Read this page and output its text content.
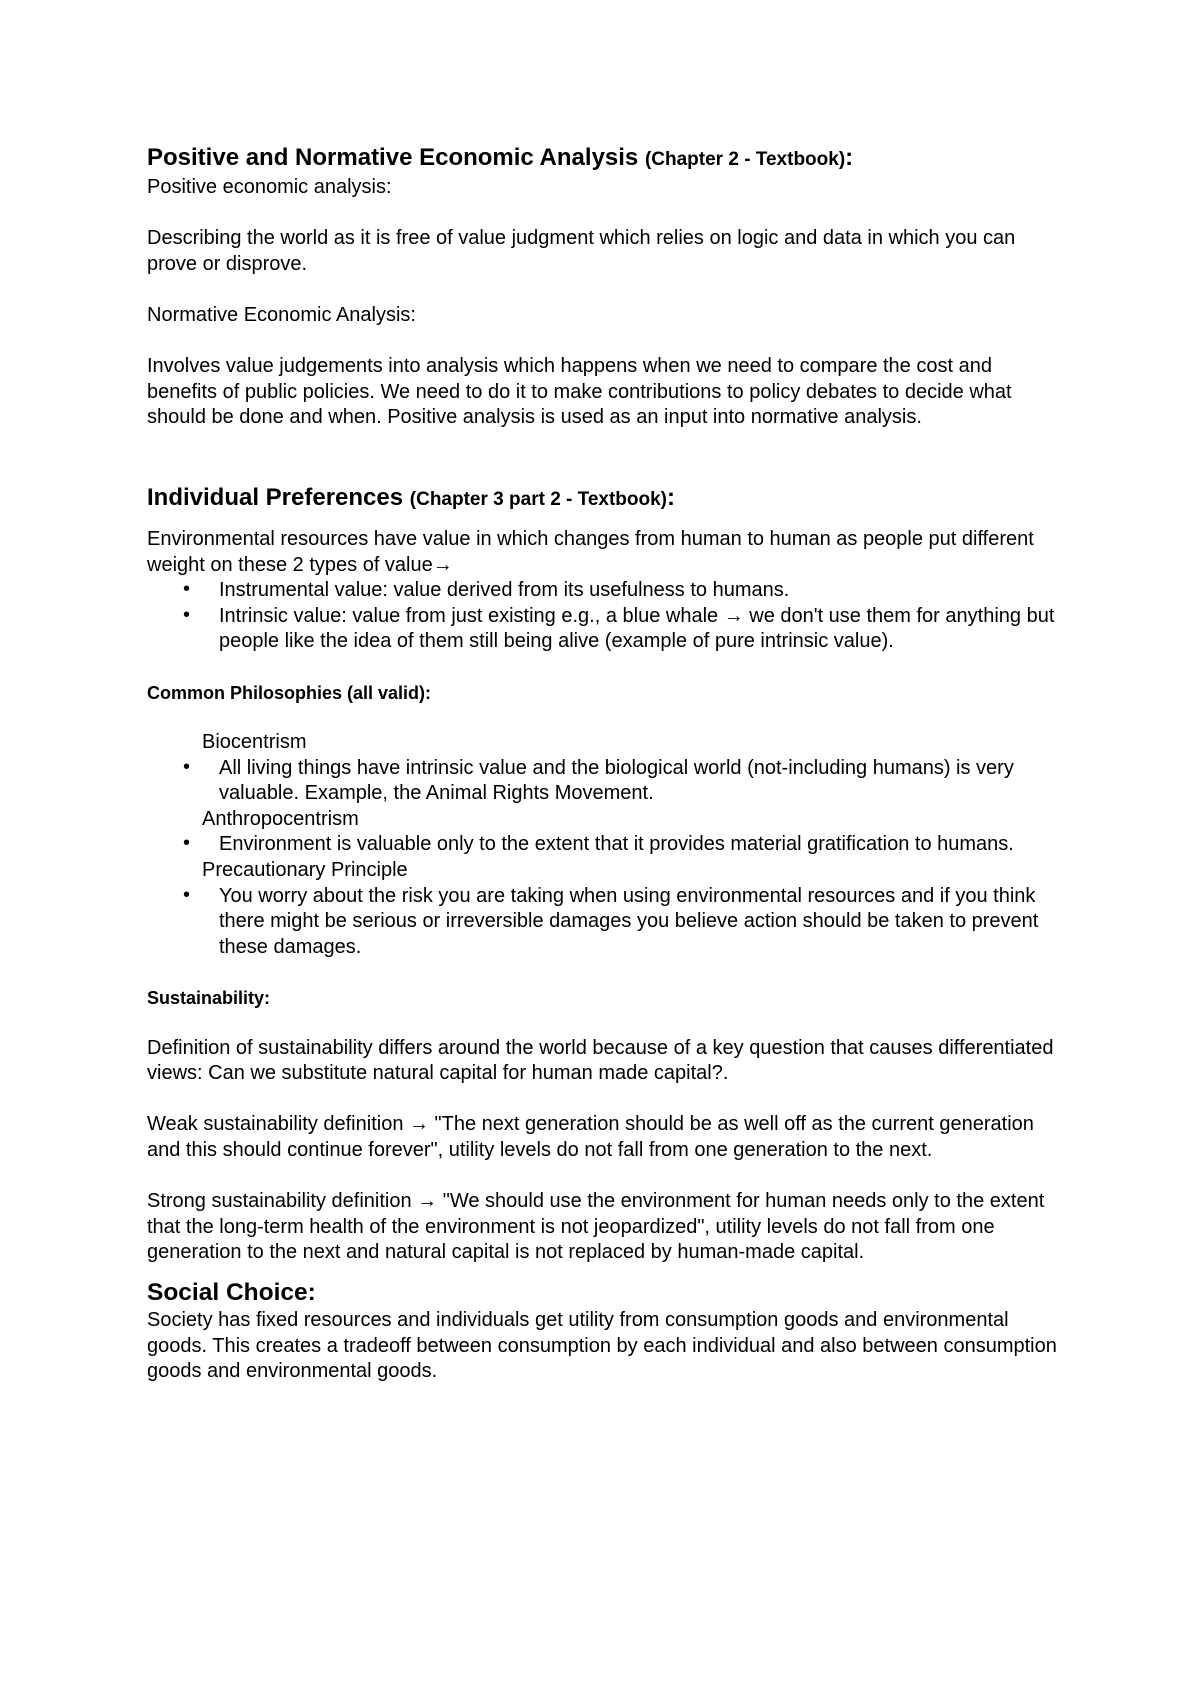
Positive and Normative Economic Analysis (Chapter 2 - Textbook):

Positive economic analysis:

Describing the world as it is free of value judgment which relies on logic and data in which you can prove or disprove.

Normative Economic Analysis:

Involves value judgements into analysis which happens when we need to compare the cost and benefits of public policies. We need to do it to make contributions to policy debates to decide what should be done and when. Positive analysis is used as an input into normative analysis.

Individual Preferences (Chapter 3 part 2 - Textbook):

Environmental resources have value in which changes from human to human as people put different weight on these 2 types of value→

• Instrumental value: value derived from its usefulness to humans.
• Intrinsic value: value from just existing e.g., a blue whale → we don't use them for anything but people like the idea of them still being alive (example of pure intrinsic value).

Common Philosophies (all valid):

Biocentrism

• All living things have intrinsic value and the biological world (not-including humans) is very valuable. Example, the Animal Rights Movement.

Anthropocentrism

• Environment is valuable only to the extent that it provides material gratification to humans.

Precautionary Principle

• You worry about the risk you are taking when using environmental resources and if you think there might be serious or irreversible damages you believe action should be taken to prevent these damages.

Sustainability:

Definition of sustainability differs around the world because of a key question that causes differentiated views: Can we substitute natural capital for human made capital?.

Weak sustainability definition → "The next generation should be as well off as the current generation and this should continue forever", utility levels do not fall from one generation to the next.

Strong sustainability definition → "We should use the environment for human needs only to the extent that the long-term health of the environment is not jeopardized", utility levels do not fall from one generation to the next and natural capital is not replaced by human-made capital.

Social Choice:

Society has fixed resources and individuals get utility from consumption goods and environmental goods. This creates a tradeoff between consumption by each individual and also between consumption goods and environmental goods.
